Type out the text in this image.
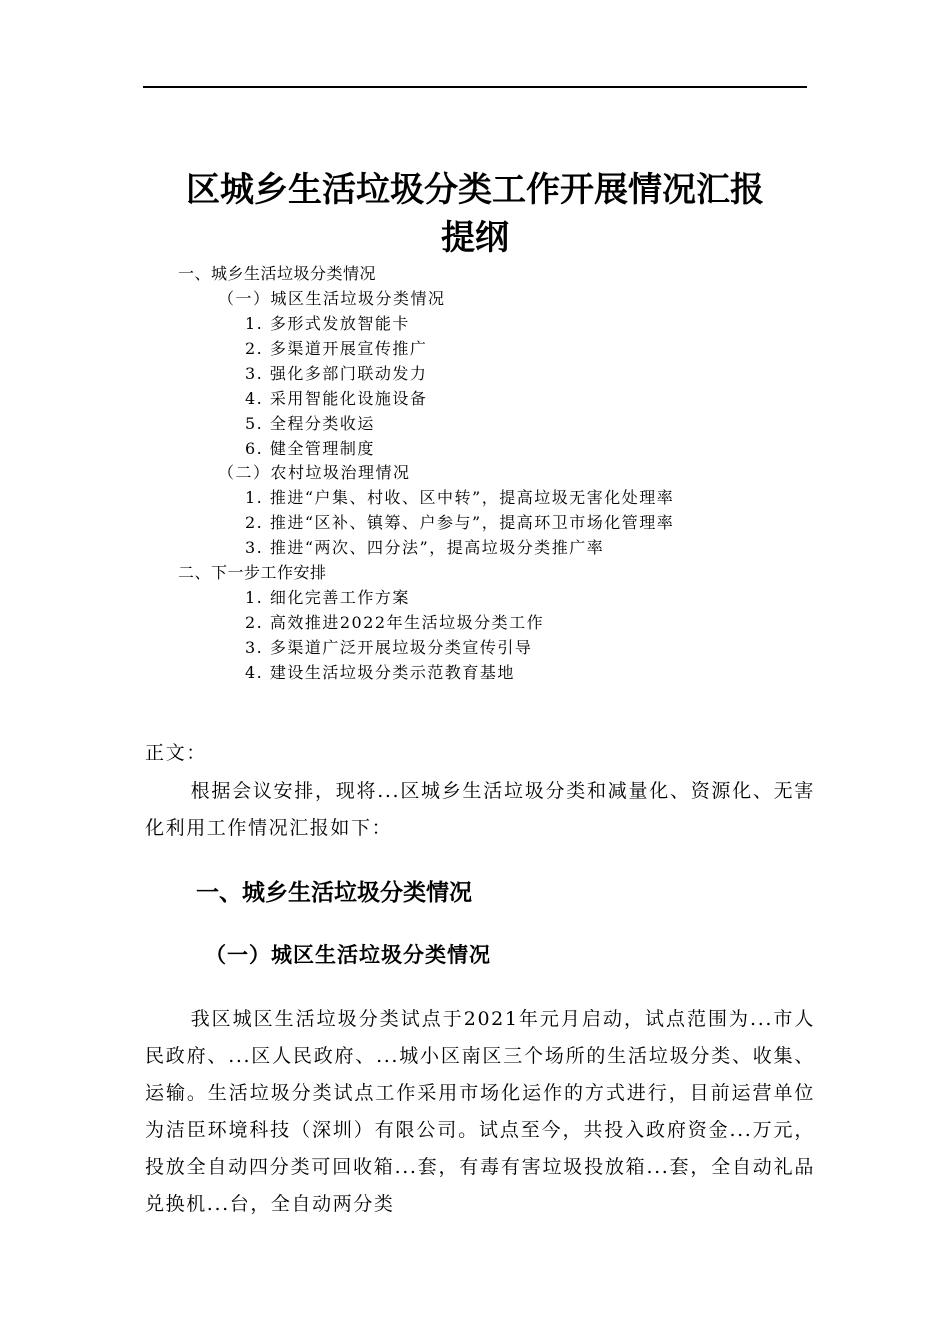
区城乡生活垃圾分类工作开展情况汇报
提纲
一、城乡生活垃圾分类情况
（一）城区生活垃圾分类情况
1. 多形式发放智能卡
2. 多渠道开展宣传推广
3. 强化多部门联动发力
4. 采用智能化设施设备
5. 全程分类收运
6. 健全管理制度
（二）农村垃圾治理情况
1. 推进“户集、村收、区中转”，提高垃圾无害化处理率
2. 推进“区补、镇筹、户参与”，提高环卫市场化管理率
3. 推进“两次、四分法”，提高垃圾分类推广率
二、下一步工作安排
1. 细化完善工作方案
2. 高效推进2022年生活垃圾分类工作
3. 多渠道广泛开展垃圾分类宣传引导
4. 建设生活垃圾分类示范教育基地
正文：
根据会议安排，现将...区城乡生活垃圾分类和减量化、资源化、无害化利用工作情况汇报如下：
一、城乡生活垃圾分类情况
（一）城区生活垃圾分类情况
我区城区生活垃圾分类试点于2021年元月启动，试点范围为...市人民政府、...区人民政府、...城小区南区三个场所的生活垃圾分类、收集、运输。生活垃圾分类试点工作采用市场化运作的方式进行，目前运营单位为洁臣环境科技（深圳）有限公司。试点至今，共投入政府资金...万元，投放全自动四分类可回收箱...套，有毒有害垃圾投放箱...套，全自动礼品兑换机...台，全自动两分类
